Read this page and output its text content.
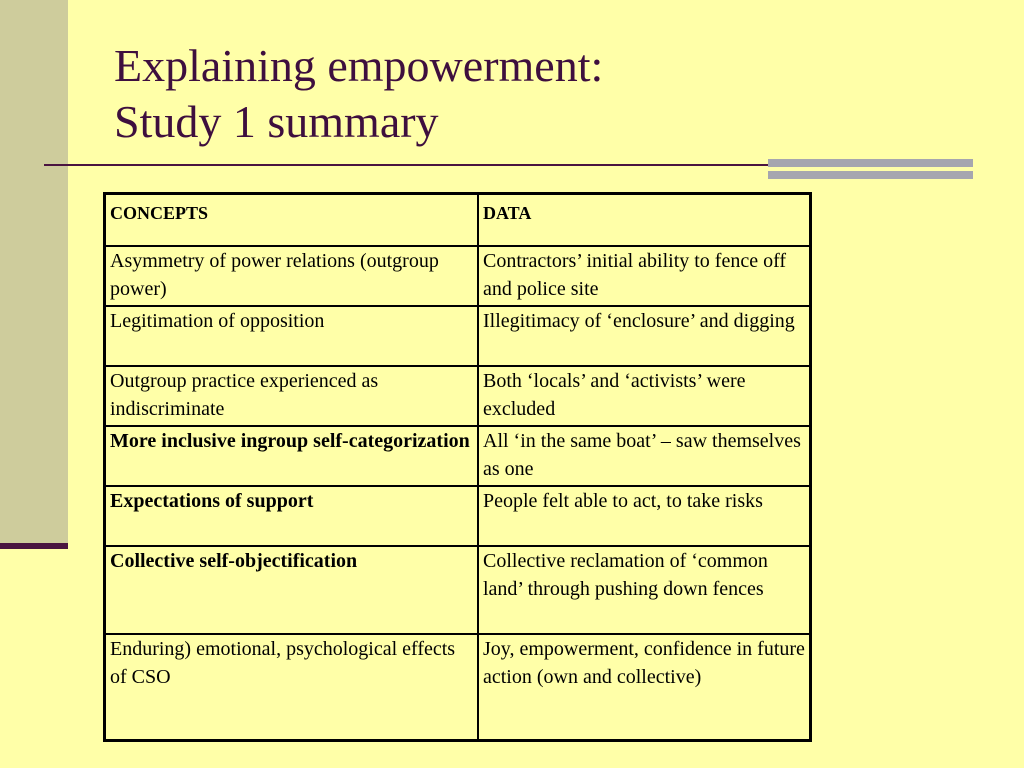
Explaining empowerment:
Study 1 summary
CONCEPTS	DATA
Asymmetry of power relations (outgroup power)	Contractors’ initial ability to fence off and police site
Legitimation of opposition	Illegitimacy of ‘enclosure’ and digging
Outgroup practice experienced as indiscriminate	Both ‘locals’ and ‘activists’ were excluded
More inclusive ingroup self-categorization	All ‘in the same boat’ – saw themselves as one
Expectations of support	People felt able to act, to take risks
Collective self-objectification	Collective reclamation of ‘common land’ through pushing down fences
Enduring) emotional, psychological effects of CSO	Joy, empowerment, confidence in future action (own and collective)
